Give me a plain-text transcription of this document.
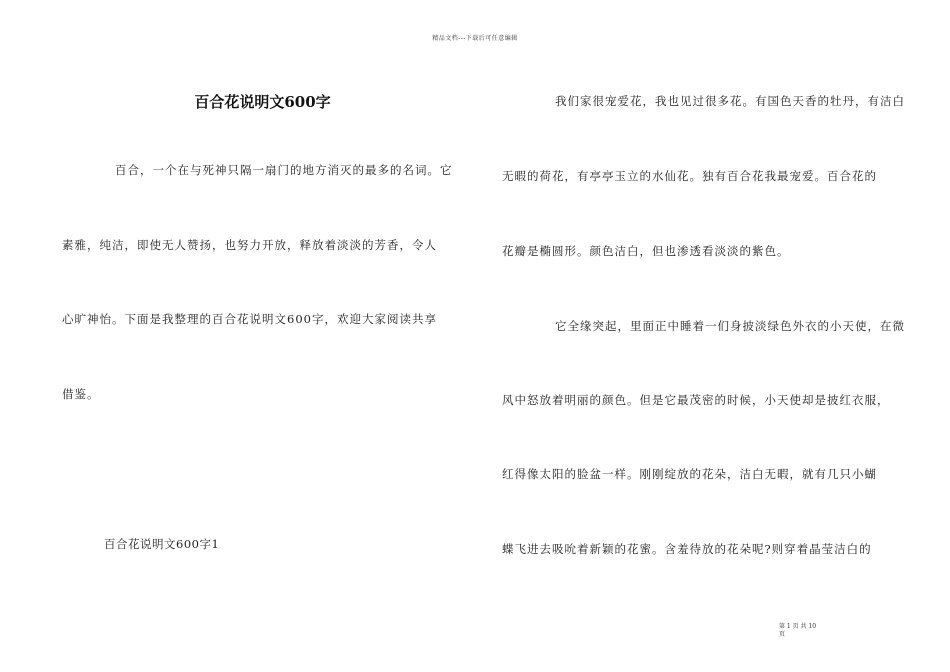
精品文档---下载后可任意编辑
百合花说明文600字
百合，一个在与死神只隔一扇门的地方消灭的最多的名词。它
素雅，纯洁，即使无人赞扬，也努力开放，释放着淡淡的芳香，令人
心旷神怡。下面是我整理的百合花说明文600字，欢迎大家阅读共享
借鉴。
百合花说明文600字1
我们家很宠爱花，我也见过很多花。有国色天香的牡丹，有洁白
无暇的荷花，有亭亭玉立的水仙花。独有百合花我最宠爱。百合花的
花瓣是椭圆形。颜色洁白，但也渗透看淡淡的紫色。
它全缘突起，里面正中睡着一们身披淡绿色外衣的小天使，在微
风中怒放着明丽的颜色。但是它最茂密的时候，小天使却是披红衣服，
红得像太阳的脸盆一样。刚刚绽放的花朵，洁白无暇，就有几只小蝴
蝶飞进去吸吮着新颖的花蜜。含羞待放的花朵呢?则穿着晶莹洁白的
第 1 页 共 10
页
